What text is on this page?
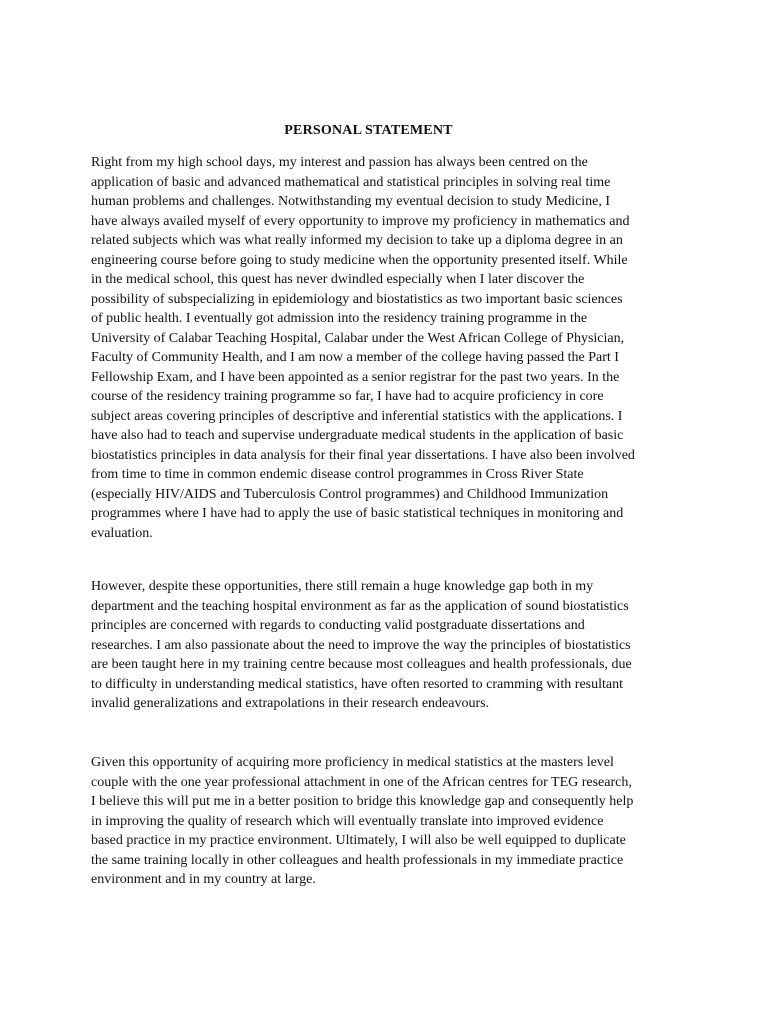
PERSONAL STATEMENT
Right from my high school days, my interest and passion has always been centred on the
application of basic and advanced mathematical and statistical principles in solving real time
human problems and challenges. Notwithstanding my eventual decision to study Medicine, I
have always availed myself of every opportunity to improve my proficiency in mathematics and
related subjects which was what really informed my decision to take up a diploma degree in an
engineering course before going to study medicine when the opportunity presented itself. While
in the medical school, this quest has never dwindled especially when I later discover the
possibility of subspecializing in epidemiology and biostatistics as two important basic sciences
of public health. I eventually got admission into the residency training programme in the
University of Calabar Teaching Hospital, Calabar under the West African College of Physician,
Faculty of Community Health, and I am now a member of the college having passed the Part I
Fellowship Exam, and I have been appointed as a senior registrar for the past two years. In the
course of the residency training programme so far, I have had to acquire proficiency in core
subject areas covering principles of descriptive and inferential statistics with the applications. I
have also had to teach and supervise undergraduate medical students in the application of basic
biostatistics principles in data analysis for their final year dissertations. I have also been involved
from time to time in common endemic disease control programmes in Cross River State
(especially HIV/AIDS and Tuberculosis Control programmes) and Childhood Immunization
programmes where I have had to apply the use of basic statistical techniques in monitoring and
evaluation.
However, despite these opportunities, there still remain a huge knowledge gap both in my
department and the teaching hospital environment as far as the application of sound biostatistics
principles are concerned with regards to conducting valid postgraduate dissertations and
researches. I am also passionate about the need to improve the way the principles of biostatistics
are been taught here in my training centre because most colleagues and health professionals, due
to difficulty in understanding medical statistics, have often resorted to cramming with resultant
invalid generalizations and extrapolations in their research endeavours.
Given this opportunity of acquiring more proficiency in medical statistics at the masters level
couple with the one year professional attachment in one of the African centres for TEG research,
I believe this will put me in a better position to bridge this knowledge gap and consequently help
in improving the quality of research which will eventually translate into improved evidence
based practice in my practice environment. Ultimately, I will also be well equipped to duplicate
the same training locally in other colleagues and health professionals in my immediate practice
environment and in my country at large.
